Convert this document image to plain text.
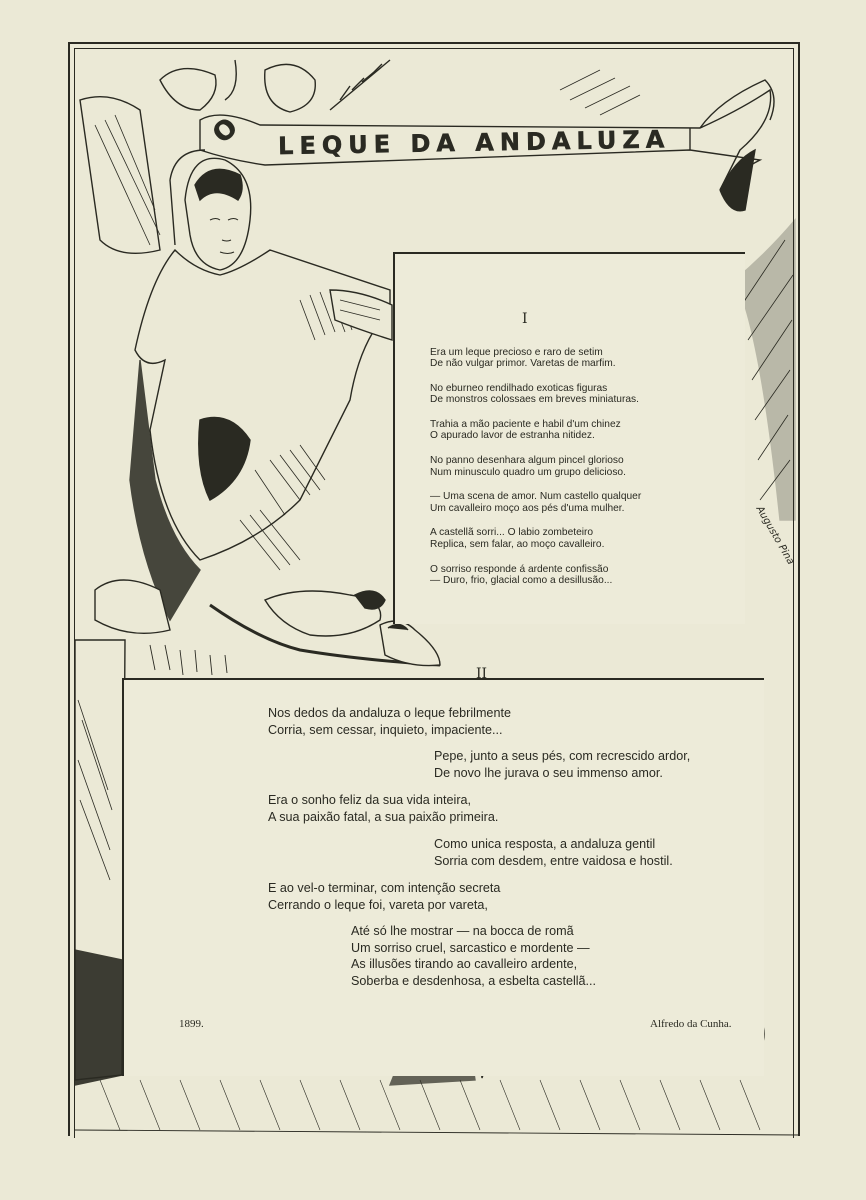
O LEQUE DA ANDALUZA
I
Era um leque precioso e raro de setim
De não vulgar primor. Varetas de marfim.
No eburneo rendilhado exoticas figuras
De monstros colossaes em breves miniaturas.
Trahia a mão paciente e habil d'um chinez
O apurado lavor de estranha nitidez.
No panno desenhara algum pincel glorioso
Num minusculo quadro um grupo delicioso.
— Uma scena de amor. Num castello qualquer
Um cavalleiro moço aos pés d'uma mulher.
A castellã sorri... O labio zombeteiro
Replica, sem falar, ao moço cavalleiro.
O sorriso responde á ardente confissão
— Duro, frio, glacial como a desillusão...
Augusto Pina
II
Nos dedos da andaluza o leque febrilmente
Corria, sem cessar, inquieto, impaciente...
Pepe, junto a seus pés, com recrescido ardor,
De novo lhe jurava o seu immenso amor.
Era o sonho feliz da sua vida inteira,
A sua paixão fatal, a sua paixão primeira.
Como unica resposta, a andaluza gentil
Sorria com desdem, entre vaidosa e hostil.
E ao vel-o terminar, com intenção secreta
Cerrando o leque foi, vareta por vareta,
Até só lhe mostrar — na bocca de romã
Um sorriso cruel, sarcastico e mordente —
As illusões tirando ao cavalleiro ardente,
Soberba e desdenhosa, a esbelta castellã...
1899.	Alfredo da Cunha.
